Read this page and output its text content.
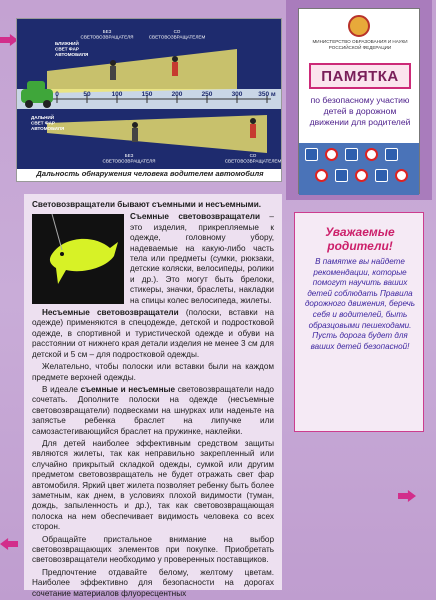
0	50	100	150	200	250	300 350 м
БЕЗ СВЕТОВОЗВРАЩАТЕЛЯ
СО СВЕТОВОЗВРАЩАТЕЛЕМ
БЛИЖНИЙ СВЕТ ФАР АВТОМОБИЛЯ
ДАЛЬНИЙ СВЕТ ФАР АВТОМОБИЛЯ
БЕЗ СВЕТОВОЗВРАЩАТЕЛЯ
СО СВЕТОВОЗВРАЩАТЕЛЕМ
Дальность обнаружения человека водителем автомобиля

Световозвращатели бывают съемными и несъемными.

Съемные световозвращатели – это изделия, прикрепляемые к одежде, головному убору, надеваемые на какую-либо часть тела или предметы (сумки, рюкзаки, детские коляски, велосипеды, ролики и др.). Это могут быть брелоки, стикеры, значки, браслеты, накладки на спицы колес велосипеда, жилеты.

Несъемные световозвращатели (полоски, вставки на одежде) применяются в спецодежде, детской и подростковой одежде, в спортивной и туристической одежде и обуви на расстоянии от нижнего края детали изделия не менее 3 см для детской и 5 см – для подростковой одежды.

Желательно, чтобы полоски или вставки были на каждом предмете верхней одежды.

В идеале съемные и несъемные световозвращатели надо сочетать. Дополните полоски на одежде (несъемные световозвращатели) подвесками на шнурках или наденьте на запястье ребенка браслет на липучке или самозастегивающийся браслет на пружинке, наклейки.

Для детей наиболее эффективным средством защиты являются жилеты, так как неправильно закрепленный или случайно прикрытый складкой одежды, сумкой или другим предметом световозвращатель не будет отражать свет фар автомобиля. Яркий цвет жилета позволяет ребенку быть более заметным, как днем, в условиях плохой видимости (туман, дождь, запыленность и др.), так как световозвращающая полоска на нем обеспечивает видимость человека со всех сторон.

Обращайте пристальное внимание на выбор световозвращающих элементов при покупке. Приобретать световозвращатели необходимо у проверенных поставщиков.

Предпочтение отдавайте белому, желтому цветам. Наиболее эффективно для безопасности на дорогах сочетание материалов флуоресцентных

МИНИСТЕРСТВО ОБРАЗОВАНИЯ И НАУКИ РОССИЙСКОЙ ФЕДЕРАЦИИ
ПАМЯТКА
по безопасному участию детей в дорожном движении для родителей
Уважаемые родители!
В памятке вы найдете рекомендации, которые помогут научить ваших детей соблюдать Правила дорожного движения, беречь себя и водителей, быть образцовыми пешеходами. Пусть дорога будет для ваших детей безопасной!
